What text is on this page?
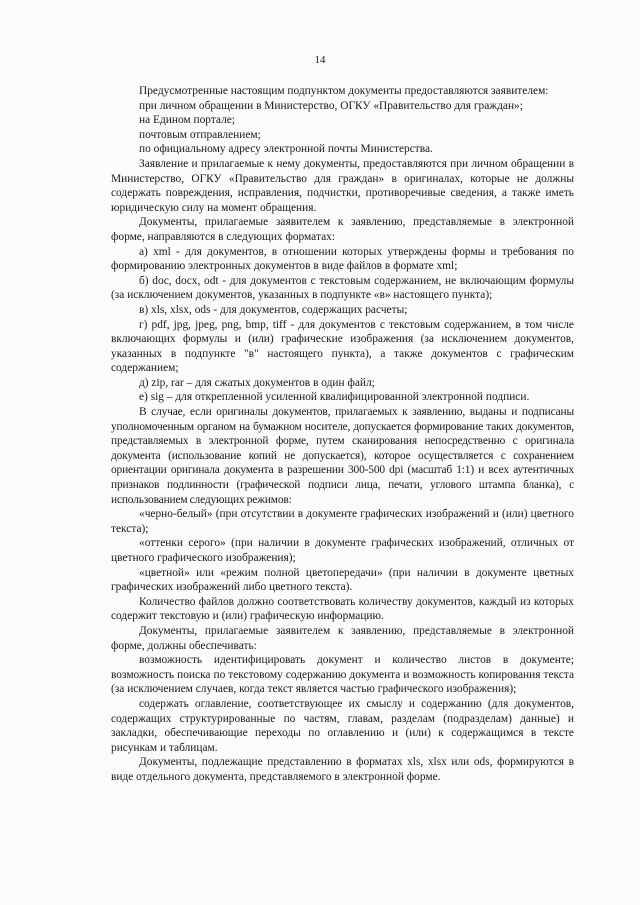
14

Предусмотренные настоящим подпунктом документы предоставляются заявителем:

при личном обращении в Министерство, ОГКУ «Правительство для граждан»;

на Едином портале;

почтовым отправлением;

по официальному адресу электронной почты Министерства.

Заявление и прилагаемые к нему документы, предоставляются при личном обращении в Министерство, ОГКУ «Правительство для граждан» в оригиналах, которые не должны содержать повреждения, исправления, подчистки, противоречивые сведения, а также иметь юридическую силу на момент обращения.

Документы, прилагаемые заявителем к заявлению, представляемые в электронной форме, направляются в следующих форматах:

а) xml - для документов, в отношении которых утверждены формы и требования по формированию электронных документов в виде файлов в формате xml;

б) doc, docx, odt - для документов с текстовым содержанием, не включающим формулы (за исключением документов, указанных в подпункте «в» настоящего пункта);

в) xls, xlsx, ods - для документов, содержащих расчеты;

г) pdf, jpg, jpeg, png, bmp, tiff - для документов с текстовым содержанием, в том числе включающих формулы и (или) графические изображения (за исключением документов, указанных в подпункте "в" настоящего пункта), а также документов с графическим содержанием;

д) zip, rar – для сжатых документов в один файл;

е) sig – для открепленной усиленной квалифицированной электронной подписи.

В случае, если оригиналы документов, прилагаемых к заявлению, выданы и подписаны уполномоченным органом на бумажном носителе, допускается формирование таких документов, представляемых в электронной форме, путем сканирования непосредственно с оригинала документа (использование копий не допускается), которое осуществляется с сохранением ориентации оригинала документа в разрешении 300-500 dpi (масштаб 1:1) и всех аутентичных признаков подлинности (графической подписи лица, печати, углового штампа бланка), с использованием следующих режимов:

«черно-белый» (при отсутствии в документе графических изображений и (или) цветного текста);

«оттенки серого» (при наличии в документе графических изображений, отличных от цветного графического изображения);

«цветной» или «режим полной цветопередачи» (при наличии в документе цветных графических изображений либо цветного текста).

Количество файлов должно соответствовать количеству документов, каждый из которых содержит текстовую и (или) графическую информацию.

Документы, прилагаемые заявителем к заявлению, представляемые в электронной форме, должны обеспечивать:

возможность идентифицировать документ и количество листов в документе; возможность поиска по текстовому содержанию документа и возможность копирования текста (за исключением случаев, когда текст является частью графического изображения);

содержать оглавление, соответствующее их смыслу и содержанию (для документов, содержащих структурированные по частям, главам, разделам (подразделам) данные) и закладки, обеспечивающие переходы по оглавлению и (или) к содержащимся в тексте рисункам и таблицам.

Документы, подлежащие представлению в форматах xls, xlsx или ods, формируются в виде отдельного документа, представляемого в электронной форме.
